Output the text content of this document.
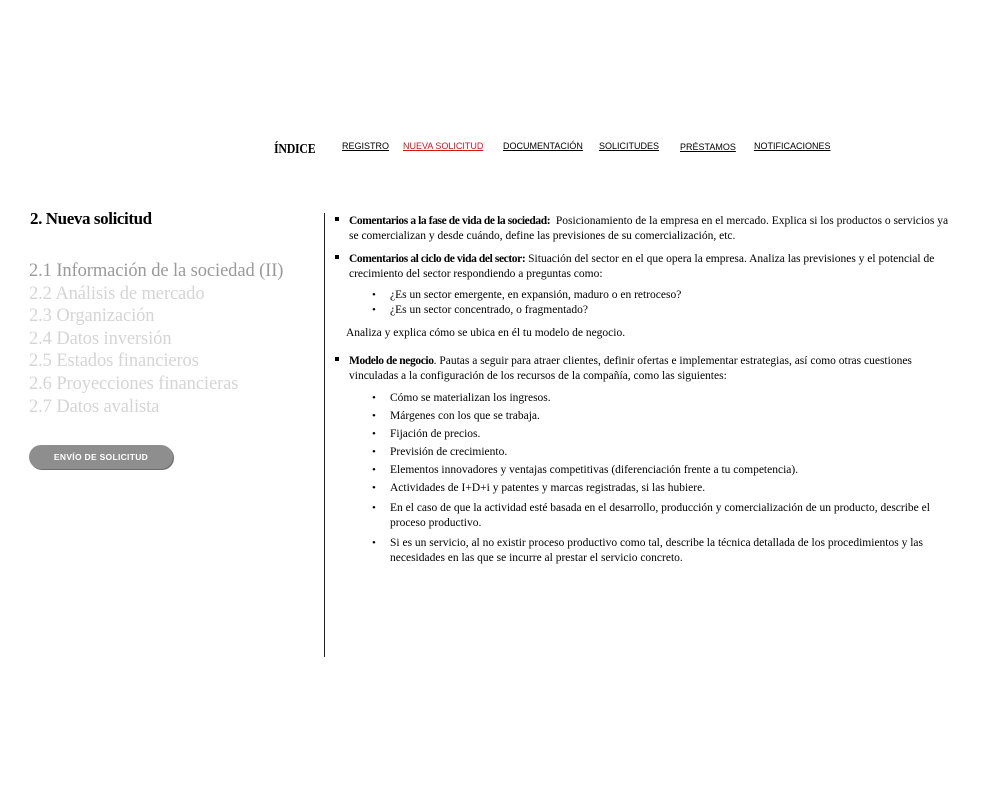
ÍNDICE	REGISTRO NUEVA SOLICITUD DOCUMENTACIÓN SOLICITUDES PRÉSTAMOS NOTIFICACIONES
2. Nueva solicitud
2.1 Información de la sociedad (II)
2.2 Análisis de mercado
2.3 Organización
2.4 Datos inversión
2.5 Estados financieros
2.6 Proyecciones financieras
2.7 Datos avalista
ENVÍO DE SOLICITUD
Comentarios a la fase de vida de la sociedad:  Posicionamiento de la empresa en el mercado. Explica si los productos o servicios ya se comercializan y desde cuándo, define las previsiones de su comercialización, etc.
Comentarios al ciclo de vida del sector: Situación del sector en el que opera la empresa. Analiza las previsiones y el potencial de crecimiento del sector respondiendo a preguntas como:
• ¿Es un sector emergente, en expansión, maduro o en retroceso?
• ¿Es un sector concentrado, o fragmentado?
Analiza y explica cómo se ubica en él tu modelo de negocio.
Modelo de negocio. Pautas a seguir para atraer clientes, definir ofertas e implementar estrategias, así como otras cuestiones vinculadas a la configuración de los recursos de la compañía, como las siguientes:
• Cómo se materializan los ingresos.
• Márgenes con los que se trabaja.
• Fijación de precios.
• Previsión de crecimiento.
• Elementos innovadores y ventajas competitivas (diferenciación frente a tu competencia).
• Actividades de I+D+i y patentes y marcas registradas, si las hubiere.
• En el caso de que la actividad esté basada en el desarrollo, producción y comercialización de un producto, describe el proceso productivo.
• Si es un servicio, al no existir proceso productivo como tal, describe la técnica detallada de los procedimientos y las necesidades en las que se incurre al prestar el servicio concreto.
